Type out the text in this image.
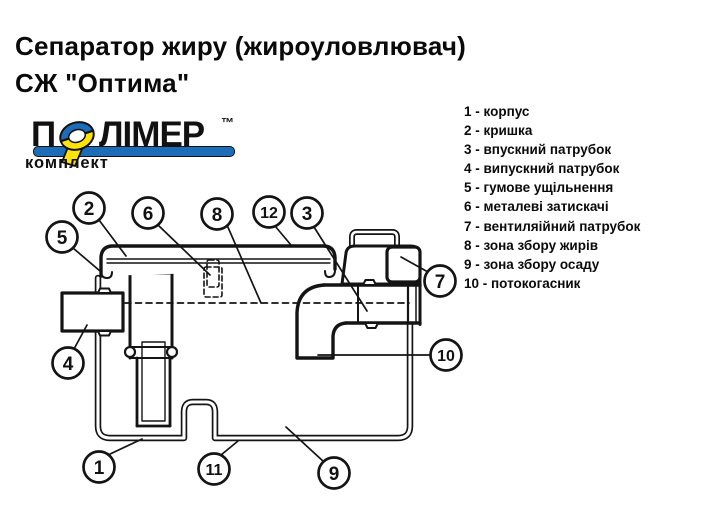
Сепаратор жиру (жироуловлювач)
СЖ "Оптима"
П ЛІМЕР ™
комплект
1 - корпус
2 - кришка
3 - впускний патрубок
4 - випускний патрубок
5 - гумове ущільнення
6 - металеві затискачі
7 - вентиляійний патрубок
8 - зона збору жирів
9 - зона збору осаду
10 - потокогасник
2	6	8 12 3
5
7
4	10
1	11	9
